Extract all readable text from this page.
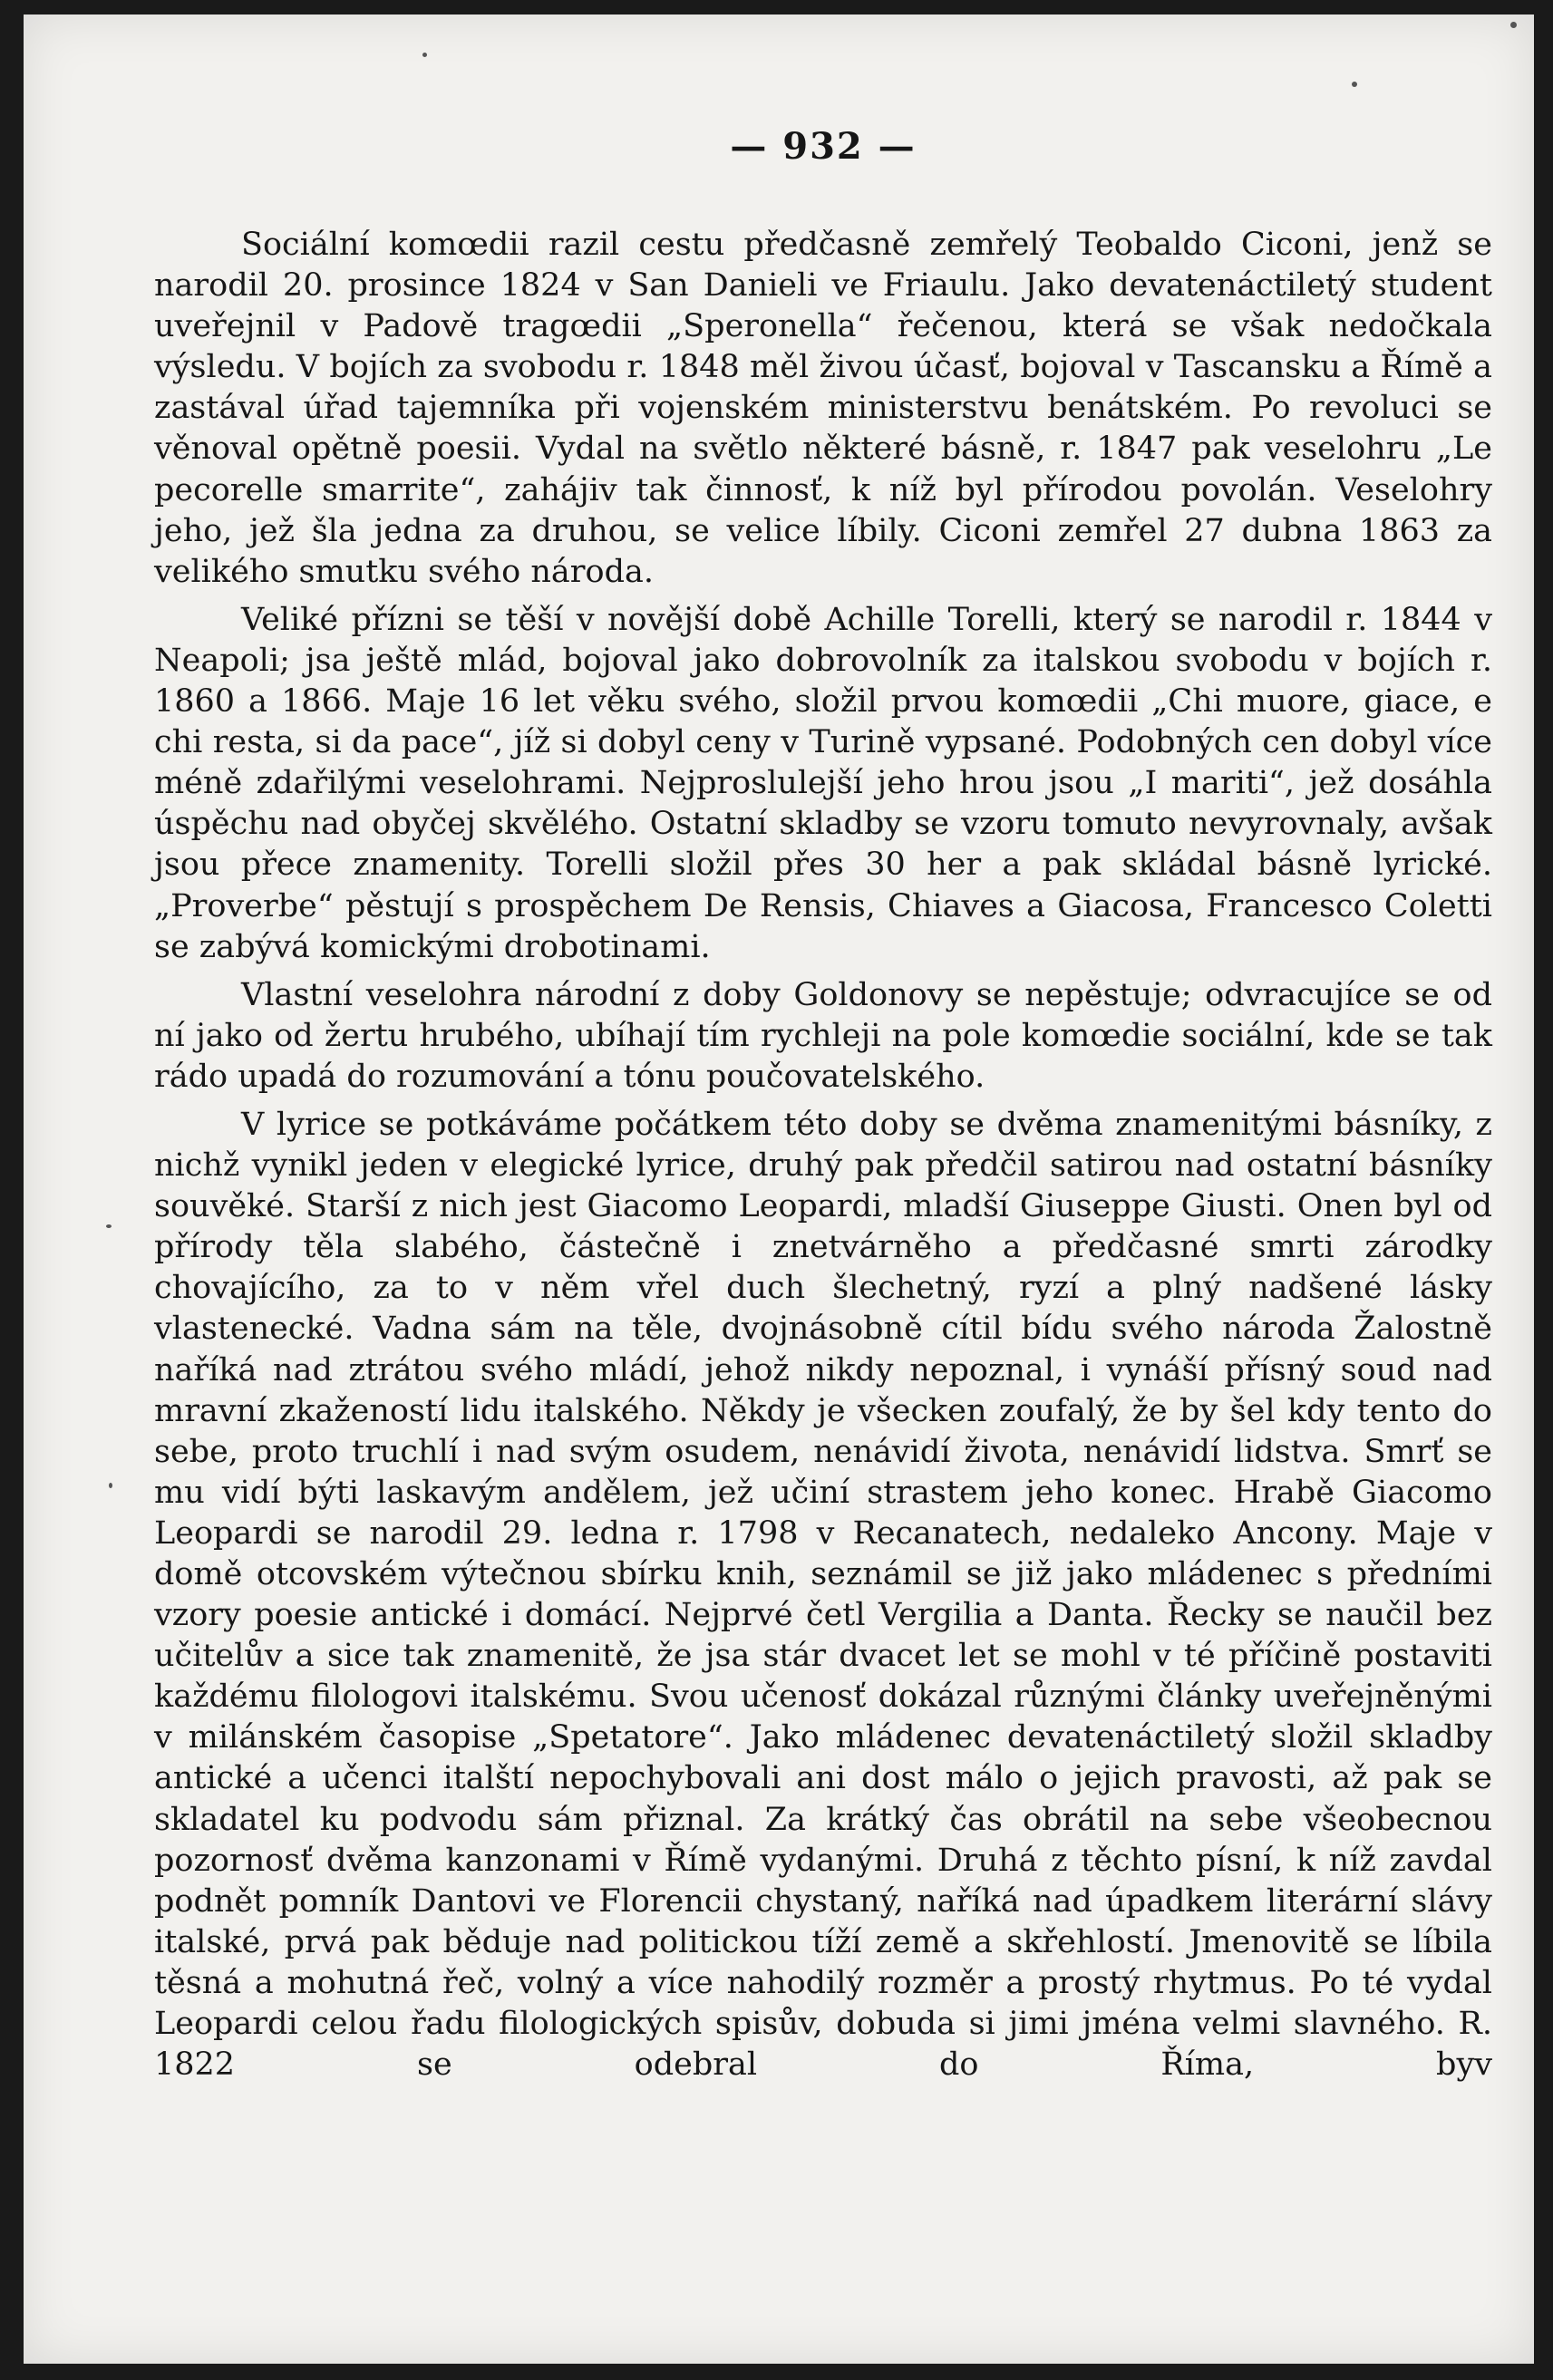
— 932 —

Sociální komœdii razil cestu předčasně zemřelý Teobaldo Ciconi, jenž se narodil 20. prosince 1824 v San Danieli ve Friaulu. Jako devatenáctiletý student uveřejnil v Padově tragœdii „Speronella“ řečenou, která se však nedočkala výsledu. V bojích za svobodu r. 1848 měl živou účasť, bojoval v Tascansku a Římě a zastával úřad tajemníka při vojenském ministerstvu benátském. Po revoluci se věnoval opětně poesii. Vydal na světlo některé básně, r. 1847 pak veselohru „Le pecorelle smarrite“, zahájiv tak činnosť, k níž byl přírodou povolán. Veselohry jeho, jež šla jedna za druhou, se velice líbily. Ciconi zemřel 27 dubna 1863 za velikého smutku svého národa.

Veliké přízni se těší v novější době Achille Torelli, který se narodil r. 1844 v Neapoli; jsa ještě mlád, bojoval jako dobrovolník za italskou svobodu v bojích r. 1860 a 1866. Maje 16 let věku svého, složil prvou komœdii „Chi muore, giace, e chi resta, si da pace“, jíž si dobyl ceny v Turině vypsané. Podobných cen dobyl více méně zdařilými veselohrami. Nejproslulejší jeho hrou jsou „I mariti“, jež dosáhla úspěchu nad obyčej skvělého. Ostatní skladby se vzoru tomuto nevyrovnaly, avšak jsou přece znamenity. Torelli složil přes 30 her a pak skládal básně lyrické. „Proverbe“ pěstují s prospěchem De Rensis, Chiaves a Giacosa, Francesco Coletti se zabývá komickými drobotinami.

Vlastní veselohra národní z doby Goldonovy se nepěstuje; odvracujíce se od ní jako od žertu hrubého, ubíhají tím rychleji na pole komœdie sociální, kde se tak rádo upadá do rozumování a tónu poučovatelského.

V lyrice se potkáváme počátkem této doby se dvěma znamenitými básníky, z nichž vynikl jeden v elegické lyrice, druhý pak předčil satirou nad ostatní básníky souvěké. Starší z nich jest Giacomo Leopardi, mladší Giuseppe Giusti. Onen byl od přírody těla slabého, částečně i znetvárněho a předčasné smrti zárodky chovajícího, za to v něm vřel duch šlechetný, ryzí a plný nadšené lásky vlastenecké. Vadna sám na těle, dvojnásobně cítil bídu svého národa Žalostně naříká nad ztrátou svého mládí, jehož nikdy nepoznal, i vynáší přísný soud nad mravní zkažeností lidu italského. Někdy je všecken zoufalý, že by šel kdy tento do sebe, proto truchlí i nad svým osudem, nenávidí života, nenávidí lidstva. Smrť se mu vidí býti laskavým andělem, jež učiní strastem jeho konec. Hrabě Giacomo Leopardi se narodil 29. ledna r. 1798 v Recanatech, nedaleko Ancony. Maje v domě otcovském výtečnou sbírku knih, seznámil se již jako mládenec s předními vzory poesie antické i domácí. Nejprvé četl Vergilia a Danta. Řecky se naučil bez učitelův a sice tak znamenitě, že jsa stár dvacet let se mohl v té příčině postaviti každému filologovi italskému. Svou učenosť dokázal různými články uveřejněnými v milánském časopise „Spetatore“. Jako mládenec devatenáctiletý složil skladby antické a učenci italští nepochybovali ani dost málo o jejich pravosti, až pak se skladatel ku podvodu sám přiznal. Za krátký čas obrátil na sebe všeobecnou pozornosť dvěma kanzonami v Římě vydanými. Druhá z těchto písní, k níž zavdal podnět pomník Dantovi ve Florencii chystaný, naříká nad úpadkem literární slávy italské, prvá pak běduje nad politickou tíží země a skřehlostí. Jmenovitě se líbila těsná a mohutná řeč, volný a více nahodilý rozměr a prostý rhytmus. Po té vydal Leopardi celou řadu filologických spisův, dobuda si jimi jména velmi slavného. R. 1822 se odebral do Říma, byv
